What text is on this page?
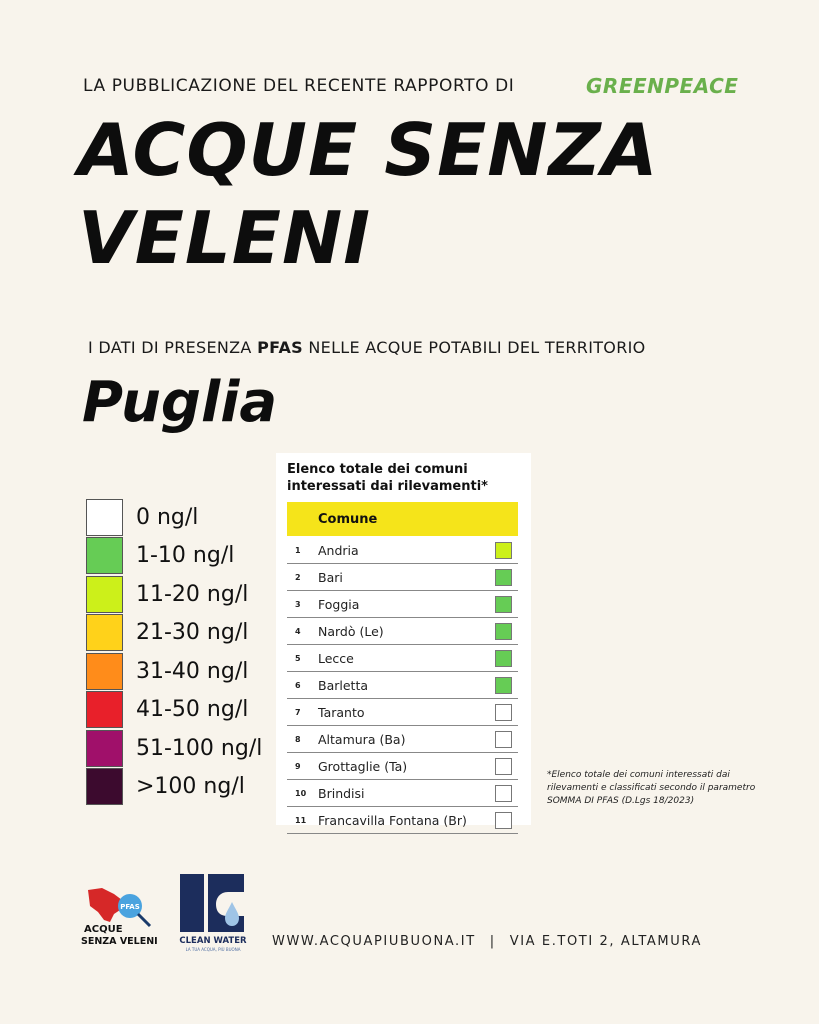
LA PUBBLICAZIONE DEL RECENTE RAPPORTO DI	GREENPEACE
ACQUE SENZA
VELENI
I DATI DI PRESENZA PFAS NELLE ACQUE POTABILI DEL TERRITORIO
Puglia
0 ng/l
1-10 ng/l
11-20 ng/l
21-30 ng/l
31-40 ng/l
41-50 ng/l
51-100 ng/l
>100 ng/l
Elenco totale dei comuni interessati dai rilevamenti*
Comune
1	Andria
2	Bari
3	Foggia
4	Nardò (Le)
5	Lecce
6	Barletta
7	Taranto
8	Altamura (Ba)
9	Grottaglie (Ta)
10 Brindisi
11 Francavilla Fontana (Br)
*Elenco totale dei comuni interessati dai rilevamenti e classificati secondo il parametro SOMMA DI PFAS (D.Lgs 18/2023)
PFAS
ACQUE
SENZA VELENI	CLEAN WATER
LA TUA ACQUA, PIÙ BUONA
WWW.ACQUAPIUBUONA.IT | VIA E.TOTI 2, ALTAMURA
